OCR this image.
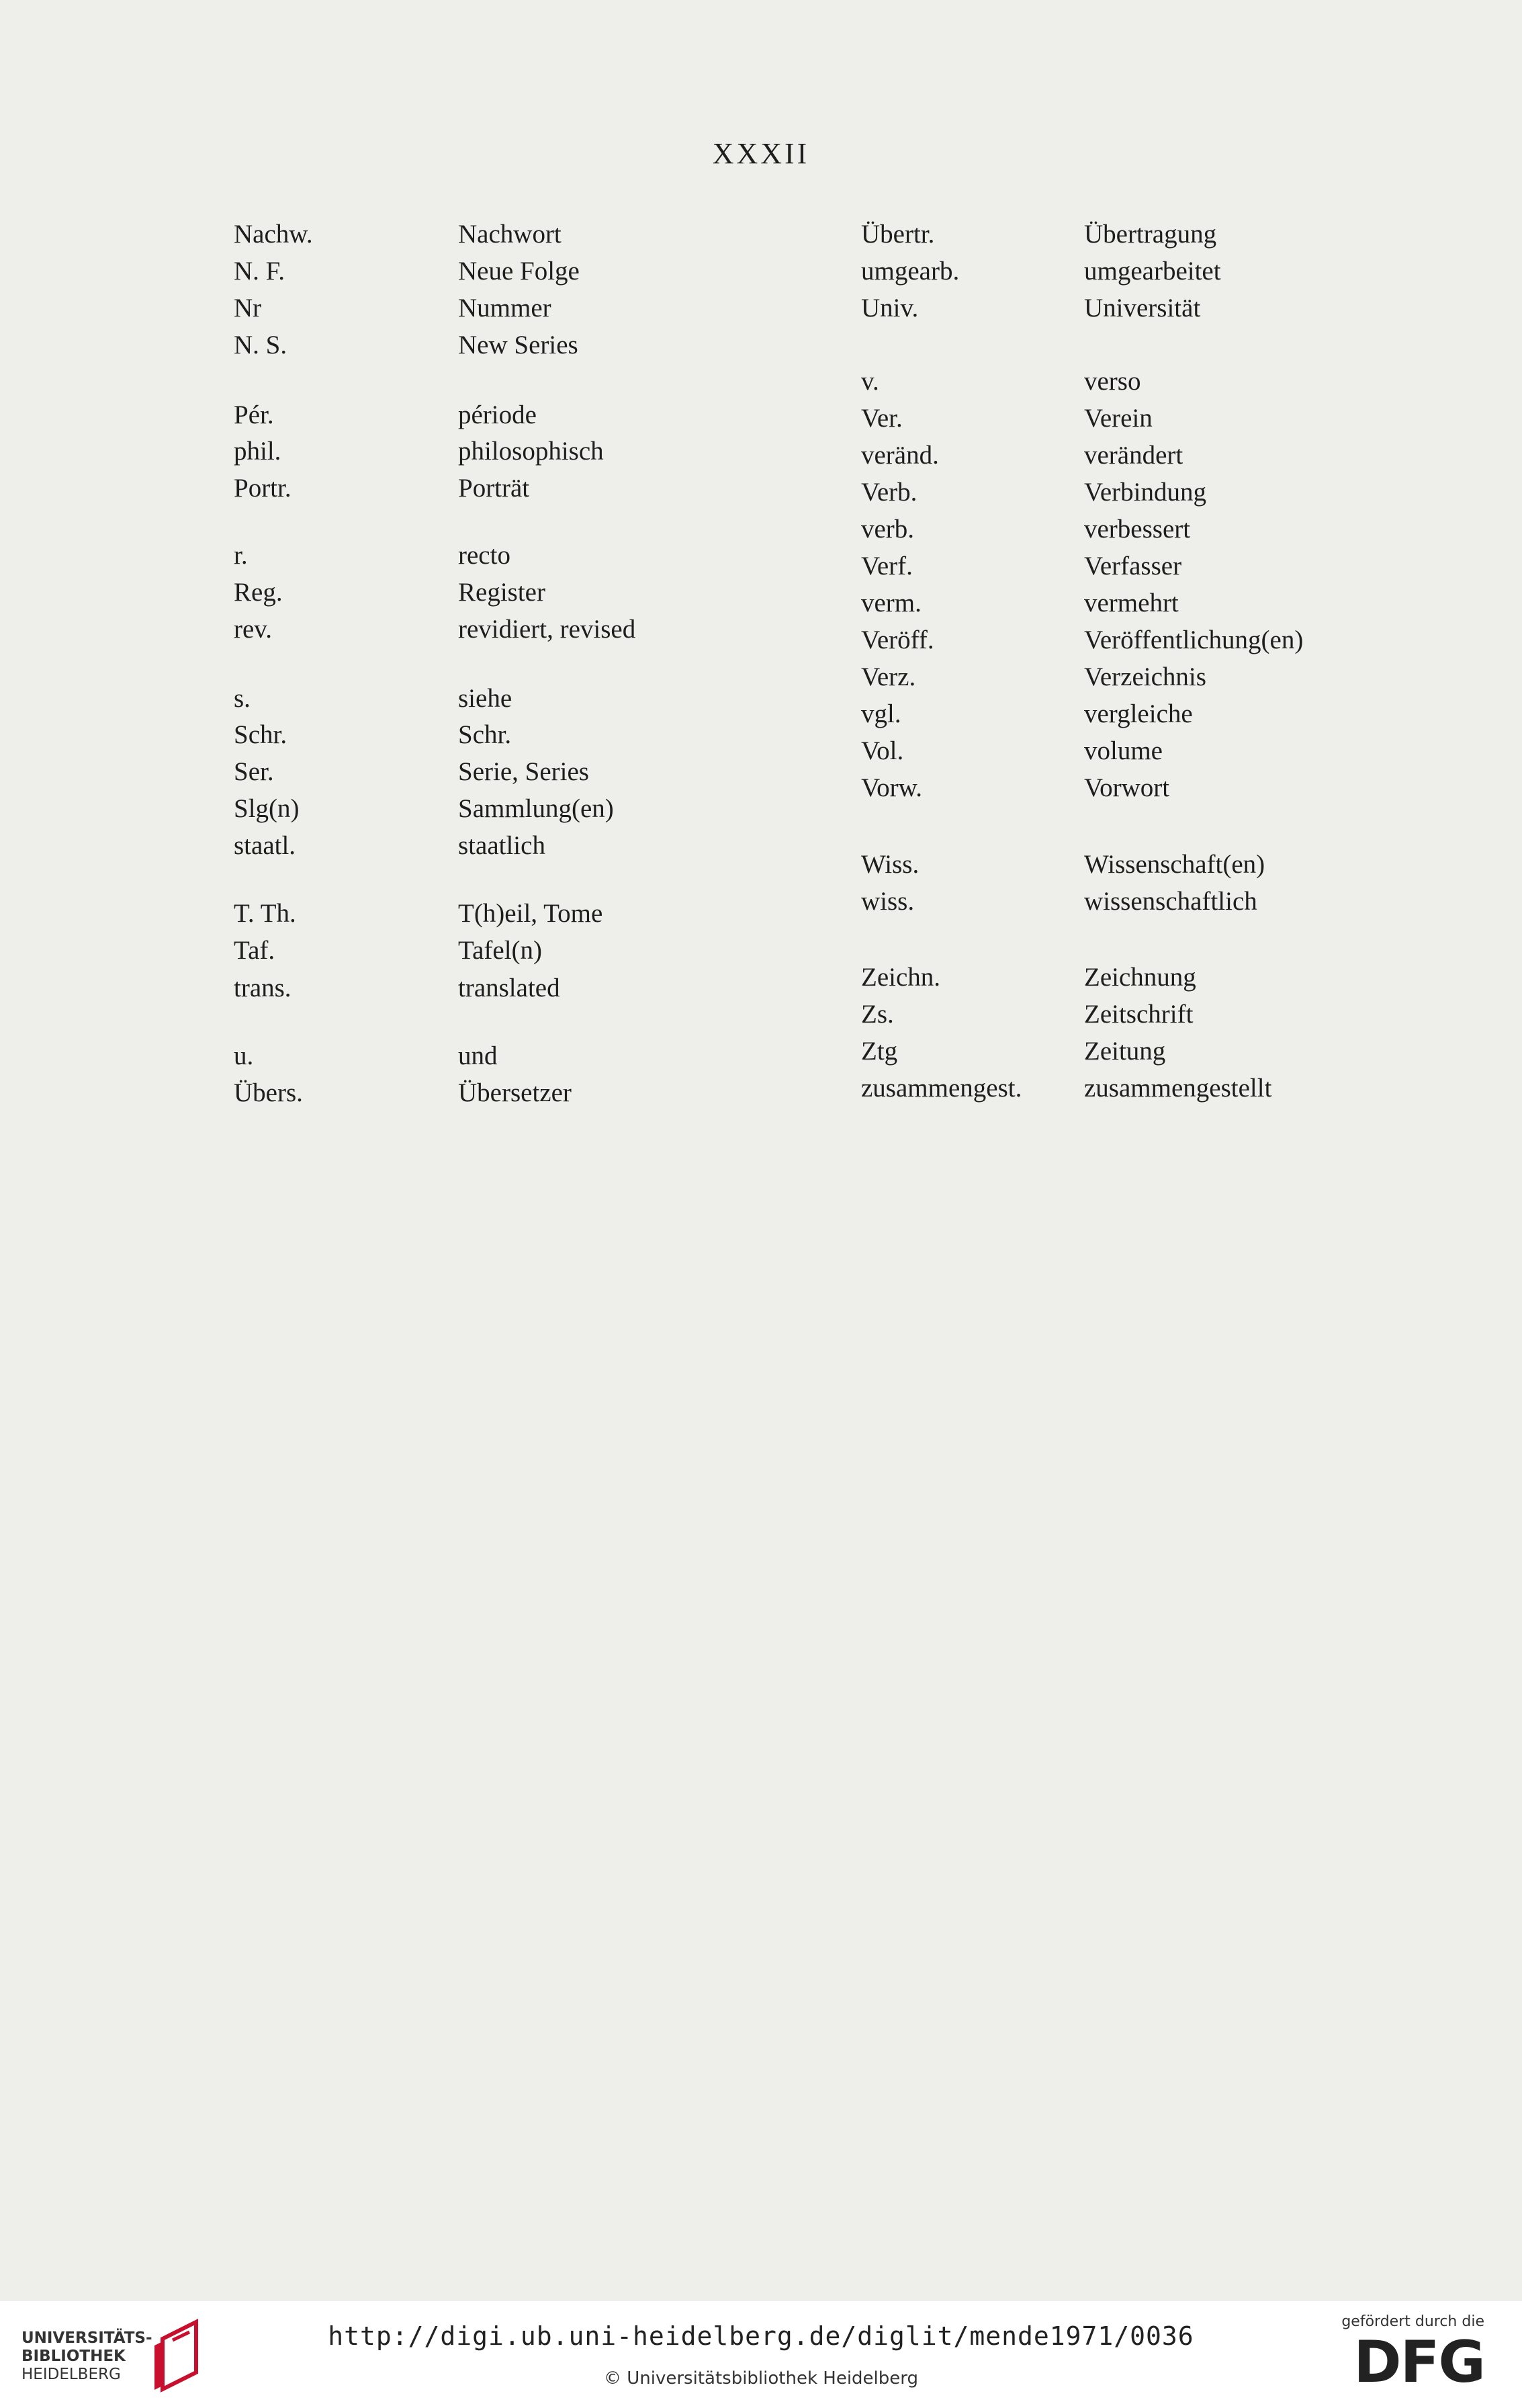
XXXII
Nachw.	Nachwort
N. F.	Neue Folge
Nr	Nummer
N. S.	New Series
Pér.	période
phil.	philosophisch
Portr.	Porträt
r.	recto
Reg.	Register
rev.	revidiert, revised
s.	siehe
Schr.	Schr.
Ser.	Serie, Series
Slg(n)	Sammlung(en)
staatl.	staatlich
T. Th.	T(h)eil, Tome
Taf.	Tafel(n)
trans.	translated
u.	und
Übers.	Übersetzer
Übertr.	Übertragung
umgearb.	umgearbeitet
Univ.	Universität
v.	verso
Ver.	Verein
veränd.	verändert
Verb.	Verbindung
verb.	verbessert
Verf.	Verfasser
verm.	vermehrt
Veröff.	Veröffentlichung(en)
Verz.	Verzeichnis
vgl.	vergleiche
Vol.	volume
Vorw.	Vorwort
Wiss.	Wissenschaft(en)
wiss.	wissenschaftlich
Zeichn.	Zeichnung
Zs.	Zeitschrift
Ztg	Zeitung
zusammengest. zusammengestellt
UNIVERSITÄTS-
BIBLIOTHEK
HEIDELBERG
http://digi.ub.uni-heidelberg.de/diglit/mende1971/0036
© Universitätsbibliothek Heidelberg
gefördert durch die
DFG
